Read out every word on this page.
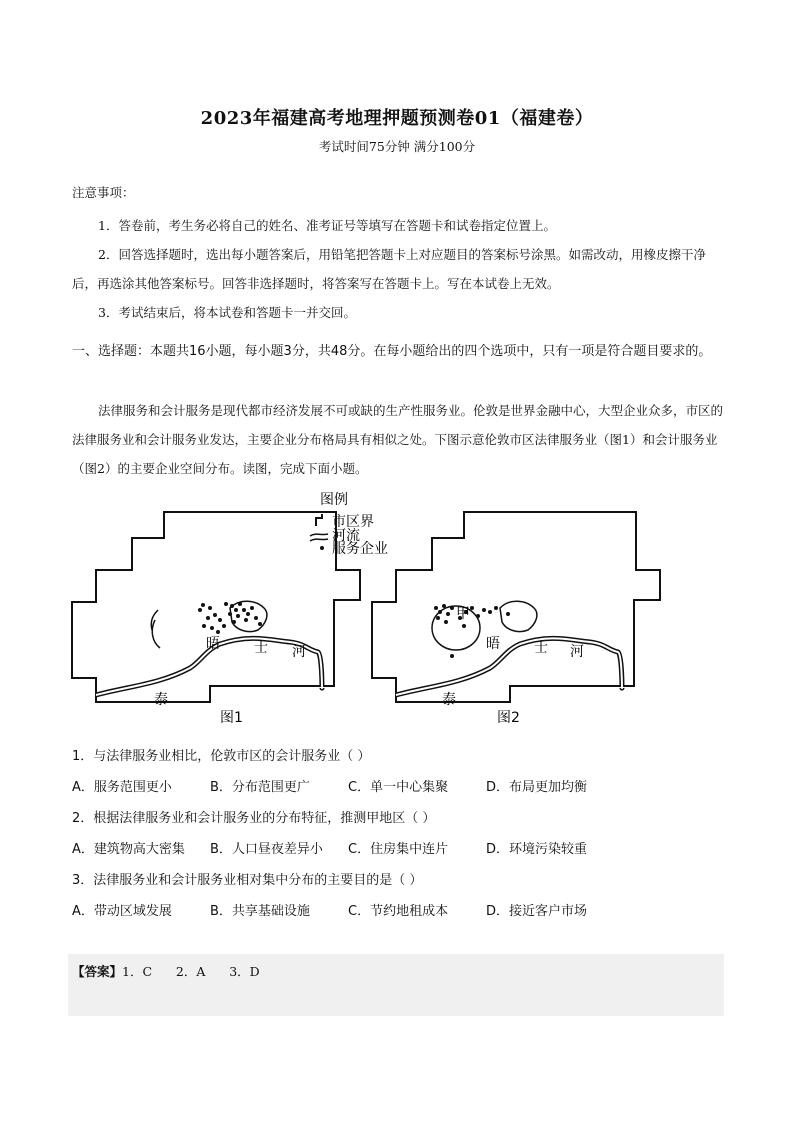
2023年福建高考地理押题预测卷01（福建卷）
考试时间75分钟 满分100分
注意事项：
1．答卷前，考生务必将自己的姓名、准考证号等填写在答题卡和试卷指定位置上。
2．回答选择题时，选出每小题答案后，用铅笔把答题卡上对应题目的答案标号涂黑。如需改动，用橡皮擦干净后，再选涂其他答案标号。回答非选择题时，将答案写在答题卡上。写在本试卷上无效。
3．考试结束后，将本试卷和答题卡一并交回。
一、选择题：本题共16小题，每小题3分，共48分。在每小题给出的四个选项中，只有一项是符合题目要求的。
法律服务和会计服务是现代都市经济发展不可或缺的生产性服务业。伦敦是世界金融中心，大型企业众多，市区的法律服务业和会计服务业发达，主要企业分布格局具有相似之处。下图示意伦敦市区法律服务业（图1）和会计服务业（图2）的主要企业空间分布。读图，完成下面小题。
晤 士 河
泰
图1
图例
市区界
河流
服务企业
甲
晤 士 河
泰
图2
1．与法律服务业相比，伦敦市区的会计服务业（ ）
A．服务范围更小	B．分布范围更广	C．单一中心集聚	D．布局更加均衡
2．根据法律服务业和会计服务业的分布特征，推测甲地区（ ）
A．建筑物高大密集 B．人口昼夜差异小 C．住房集中连片	D．环境污染较重
3．法律服务业和会计服务业相对集中分布的主要目的是（ ）
A．带动区域发展	B．共享基础设施	C．节约地租成本	D．接近客户市场
【答案】1．C      2．A      3．D
